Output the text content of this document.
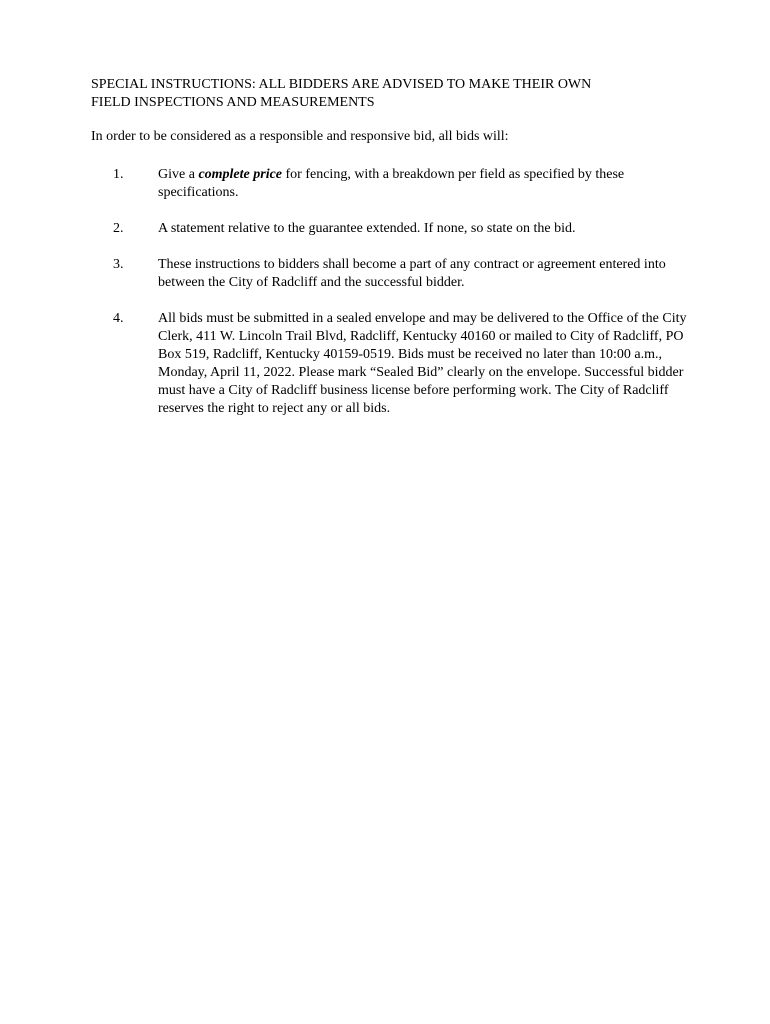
SPECIAL INSTRUCTIONS: ALL BIDDERS ARE ADVISED TO MAKE THEIR OWN
FIELD INSPECTIONS AND MEASUREMENTS

In order to be considered as a responsible and responsive bid, all bids will:

1. Give a complete price for fencing, with a breakdown per field as specified by these specifications.
2. A statement relative to the guarantee extended. If none, so state on the bid.
3. These instructions to bidders shall become a part of any contract or agreement entered into between the City of Radcliff and the successful bidder.
4. All bids must be submitted in a sealed envelope and may be delivered to the Office of the City Clerk, 411 W. Lincoln Trail Blvd, Radcliff, Kentucky 40160 or mailed to City of Radcliff, PO Box 519, Radcliff, Kentucky 40159-0519. Bids must be received no later than 10:00 a.m., Monday, April 11, 2022. Please mark “Sealed Bid” clearly on the envelope. Successful bidder must have a City of Radcliff business license before performing work. The City of Radcliff reserves the right to reject any or all bids.
